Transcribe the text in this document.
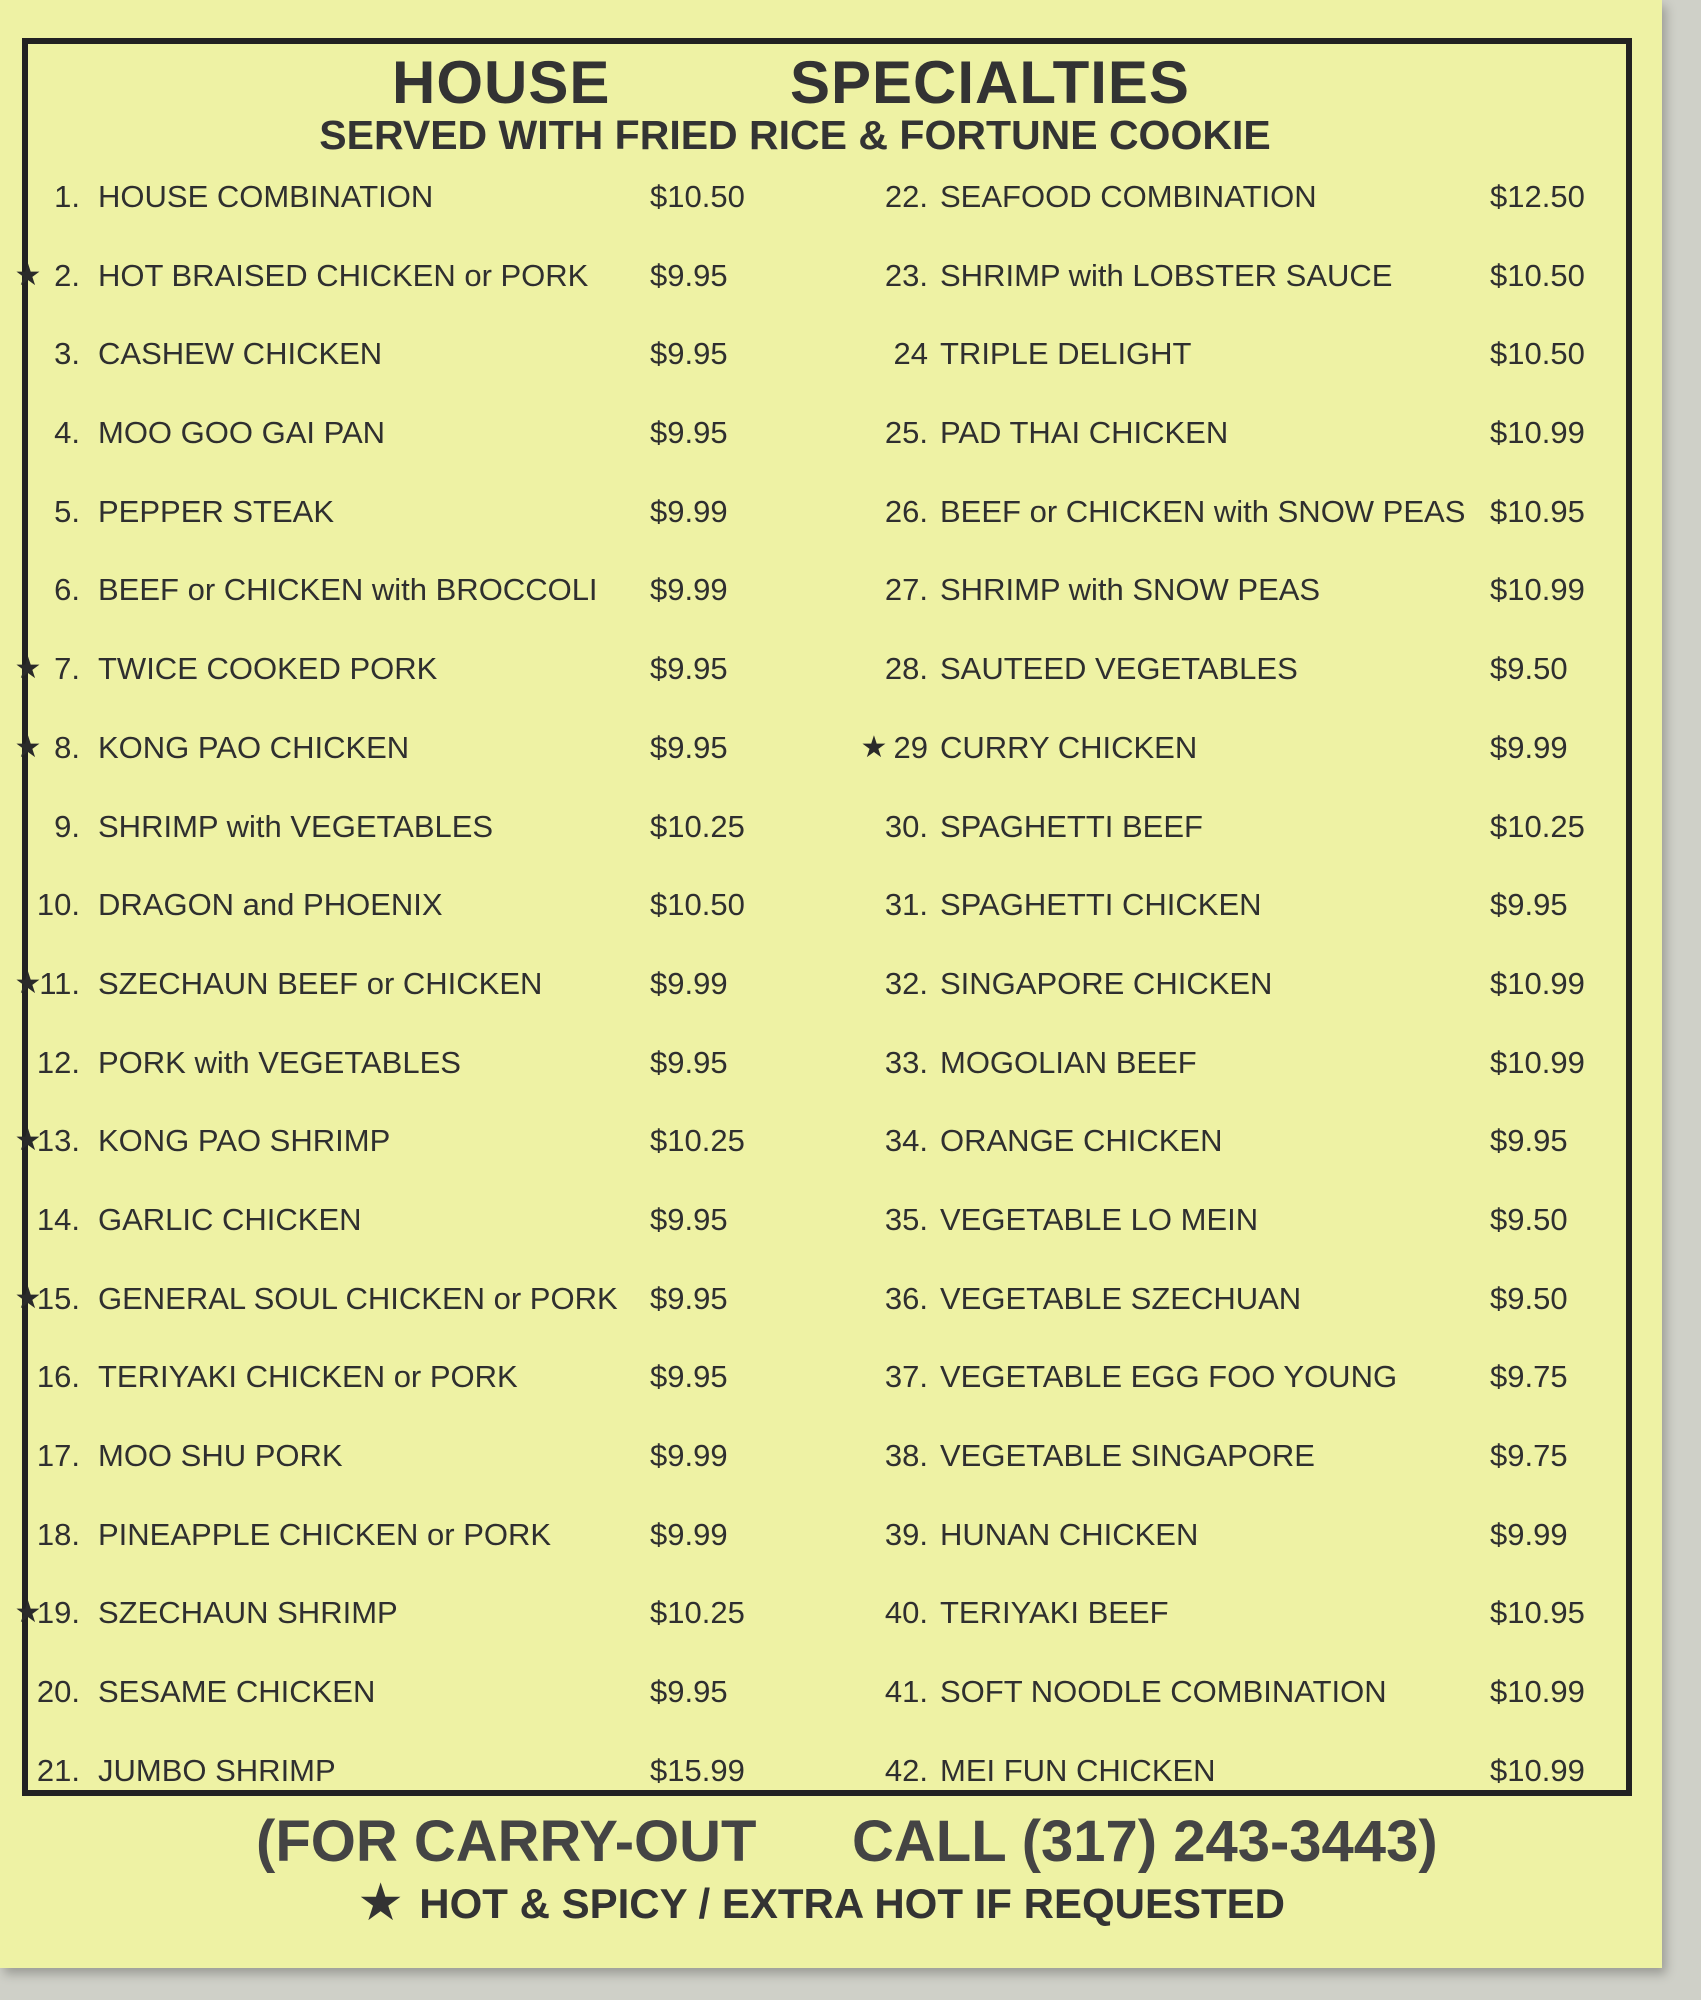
HOUSE	SPECIALTIES
SERVED WITH FRIED RICE & FORTUNE COOKIE
1. HOUSE COMBINATION	$10.50
★ 2. HOT BRAISED CHICKEN or PORK $9.95
3. CASHEW CHICKEN	$9.95
4. MOO GOO GAI PAN	$9.95
5. PEPPER STEAK	$9.99
6. BEEF or CHICKEN with BROCCOLI $9.99
★ 7. TWICE COOKED PORK	$9.95
★ 8. KONG PAO CHICKEN	$9.95
9. SHRIMP with VEGETABLES	$10.25
10. DRAGON and PHOENIX	$10.50
★
11. SZECHAUN BEEF or CHICKEN	$9.99
12. PORK with VEGETABLES	$9.95
★
13. KONG PAO SHRIMP	$10.25
14. GARLIC CHICKEN	$9.95
★
15. GENERAL SOUL CHICKEN or PORK $9.95
16. TERIYAKI CHICKEN or PORK	$9.95
17. MOO SHU PORK	$9.99
18. PINEAPPLE CHICKEN or PORK	$9.99
★
19. SZECHAUN SHRIMP	$10.25
20. SESAME CHICKEN	$9.95
21. JUMBO SHRIMP	$15.99
22. SEAFOOD COMBINATION	$12.50
23. SHRIMP with LOBSTER SAUCE	$10.50
24 TRIPLE DELIGHT	$10.50
25. PAD THAI CHICKEN	$10.99
26. BEEF or CHICKEN with SNOW PEAS $10.95
27. SHRIMP with SNOW PEAS	$10.99
28. SAUTEED VEGETABLES	$9.50
★ 29 CURRY CHICKEN	$9.99
30. SPAGHETTI BEEF	$10.25
31. SPAGHETTI CHICKEN	$9.95
32. SINGAPORE CHICKEN	$10.99
33. MOGOLIAN BEEF	$10.99
34. ORANGE CHICKEN	$9.95
35. VEGETABLE LO MEIN	$9.50
36. VEGETABLE SZECHUAN	$9.50
37. VEGETABLE EGG FOO YOUNG	$9.75
38. VEGETABLE SINGAPORE	$9.75
39. HUNAN CHICKEN	$9.99
40. TERIYAKI BEEF	$10.95
41. SOFT NOODLE COMBINATION	$10.99
42. MEI FUN CHICKEN	$10.99
(FOR CARRY-OUT CALL (317) 243-3443)
★ HOT & SPICY / EXTRA HOT IF REQUESTED
